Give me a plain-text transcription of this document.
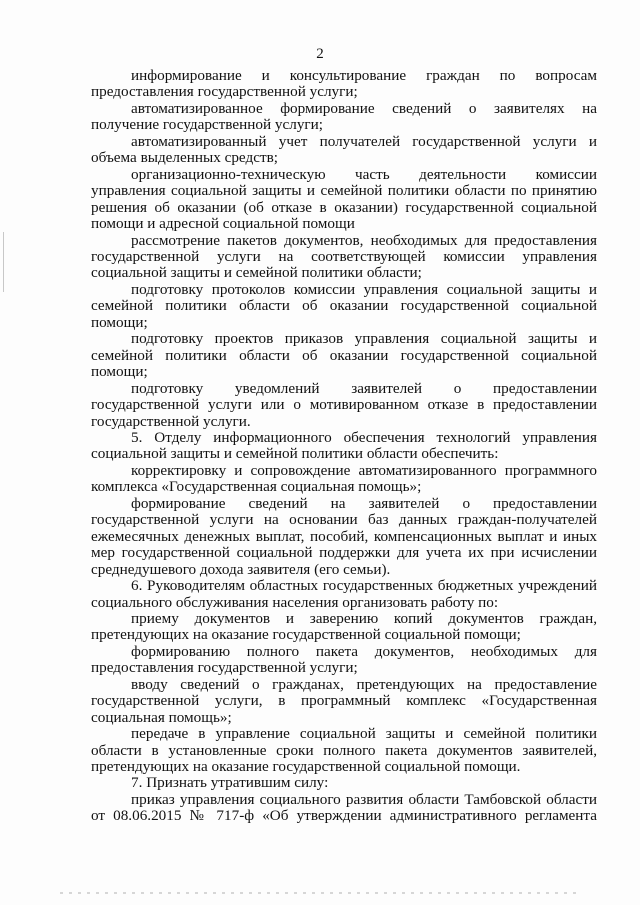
2

информирование и консультирование граждан по вопросам предоставления государственной услуги;

автоматизированное формирование сведений о заявителях на получение государственной услуги;

автоматизированный учет получателей государственной услуги и объема выделенных средств;

организационно-техническую часть деятельности комиссии управления социальной защиты и семейной политики области по принятию решения об оказании (об отказе в оказании) государственной социальной помощи и адресной социальной помощи

рассмотрение пакетов документов, необходимых для предоставления государственной услуги на соответствующей комиссии управления социальной защиты и семейной политики области;

подготовку протоколов комиссии управления социальной защиты и семейной политики области об оказании государственной социальной помощи;

подготовку проектов приказов управления социальной защиты и семейной политики области об оказании государственной социальной помощи;

подготовку уведомлений заявителей о предоставлении государственной услуги или о мотивированном отказе в предоставлении государственной услуги.

5. Отделу информационного обеспечения технологий управления социальной защиты и семейной политики области обеспечить:

корректировку и сопровождение автоматизированного программного комплекса «Государственная социальная помощь»;

формирование сведений на заявителей о предоставлении государственной услуги на основании баз данных граждан-получателей ежемесячных денежных выплат, пособий, компенсационных выплат и иных мер государственной социальной поддержки для учета их при исчислении среднедушевого дохода заявителя (его семьи).

6. Руководителям областных государственных бюджетных учреждений социального обслуживания населения организовать работу по:

приему документов и заверению копий документов граждан, претендующих на оказание государственной социальной помощи;

формированию полного пакета документов, необходимых для предоставления государственной услуги;

вводу сведений о гражданах, претендующих на предоставление государственной услуги, в программный комплекс «Государственная социальная помощь»;

передаче в управление социальной защиты и семейной политики области в установленные сроки полного пакета документов заявителей, претендующих на оказание государственной социальной помощи.

7. Признать утратившим силу:

приказ управления социального развития области Тамбовской области от 08.06.2015 № 717-ф «Об утверждении административного регламента
